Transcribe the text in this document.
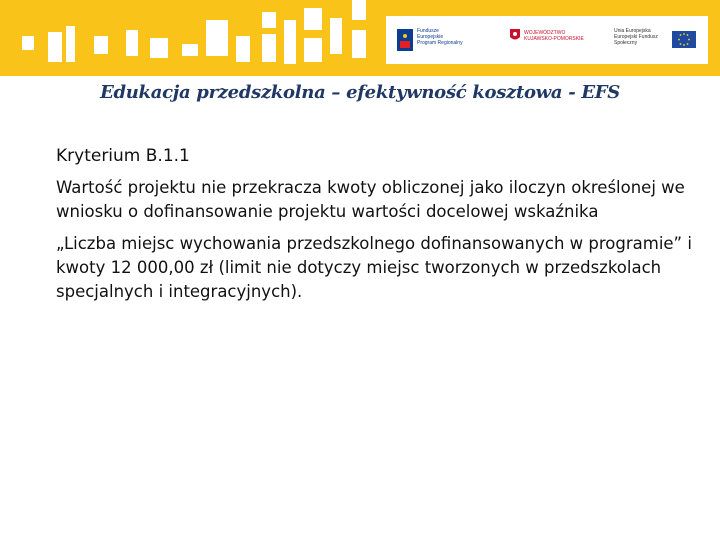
Fundusze
Europejskie
Program Regionalny
WOJEWÓDZTWO
KUJAWSKO-POMORSKIE
Unia Europejska
Europejski Fundusz
Społeczny
Edukacja przedszkolna – efektywność kosztowa - EFS

Kryterium B.1.1

Wartość projektu nie przekracza kwoty obliczonej jako iloczyn określonej we wniosku o dofinansowanie projektu wartości docelowej wskaźnika

„Liczba miejsc wychowania przedszkolnego dofinansowanych w programie” i kwoty 12 000,00 zł (limit nie dotyczy miejsc tworzonych w przedszkolach specjalnych i integracyjnych).
